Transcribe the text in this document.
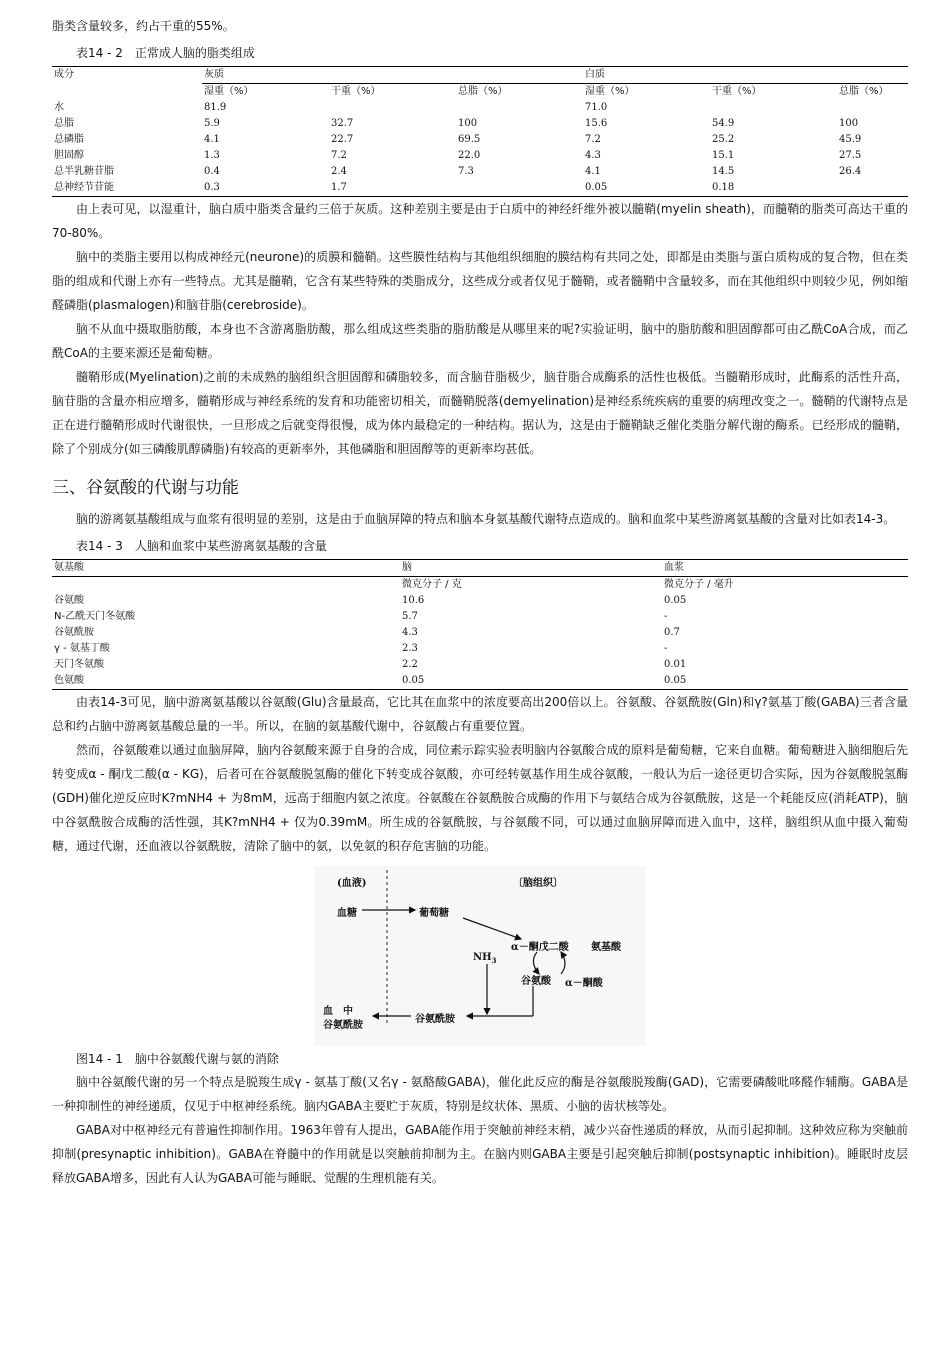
脂类含量较多，约占干重的55%。

表14 - 2　正常成人脑的脂类组成
成分	灰质			白质		
	湿重（%）	干重（%）	总脂（%）	湿重（%）	干重（%）	总脂（%）
水	81.9			71.0		
总脂	5.9	32.7	100	15.6	54.9	100
总磷脂	4.1	22.7	69.5	7.2	25.2	45.9
胆固醇	1.3	7.2	22.0	4.3	15.1	27.5
总半乳糖苷脂	0.4	2.4	7.3	4.1	14.5	26.4
总神经节苷能	0.3	1.7		0.05	0.18	

由上表可见，以湿重计，脑白质中脂类含量约三倍于灰质。这种差别主要是由于白质中的神经纤维外被以髓鞘(myelin sheath)，而髓鞘的脂类可高达干重的70-80%。

脑中的类脂主要用以构成神经元(neurone)的质膜和髓鞘。这些膜性结构与其他组织细胞的膜结构有共同之处，即都是由类脂与蛋白质构成的复合物，但在类脂的组成和代谢上亦有一些特点。尤其是髓鞘，它含有某些特殊的类脂成分，这些成分或者仅见于髓鞘，或者髓鞘中含量较多，而在其他组织中则较少见，例如缩醛磷脂(plasmalogen)和脑苷脂(cerebroside)。

脑不从血中摄取脂肪酸，本身也不含游离脂肪酸，那么组成这些类脂的脂肪酸是从哪里来的呢?实验证明，脑中的脂肪酸和胆固醇都可由乙酰CoA合成，而乙酰CoA的主要来源还是葡萄糖。

髓鞘形成(Myelination)之前的未成熟的脑组织含胆固醇和磷脂较多，而含脑苷脂极少，脑苷脂合成酶系的活性也极低。当髓鞘形成时，此酶系的活性升高，脑苷脂的含量亦相应增多，髓鞘形成与神经系统的发育和功能密切相关，而髓鞘脱落(demyelination)是神经系统疾病的重要的病理改变之一。髓鞘的代谢特点是正在进行髓鞘形成时代谢很快，一旦形成之后就变得很慢，成为体内最稳定的一种结构。据认为，这是由于髓鞘缺乏催化类脂分解代谢的酶系。已经形成的髓鞘，除了个别成分(如三磷酸肌醇磷脂)有较高的更新率外，其他磷脂和胆固醇等的更新率均甚低。

三、谷氨酸的代谢与功能

脑的游离氨基酸组成与血浆有很明显的差别，这是由于血脑屏障的特点和脑本身氨基酸代谢特点造成的。脑和血浆中某些游离氨基酸的含量对比如表14-3。

表14 - 3　人脑和血浆中某些游离氨基酸的含量
氨基酸	脑	血浆
	微克分子 / 克	微克分子 / 毫升
谷氨酸	10.6	0.05
N-乙酰天门冬氨酸	5.7	-
谷氨酰胺	4.3	0.7
γ - 氨基丁酸	2.3	-
天门冬氨酸	2.2	0.01
色氨酸	0.05	0.05

由表14-3可见，脑中游离氨基酸以谷氨酸(Glu)含量最高，它比其在血浆中的浓度要高出200倍以上。谷氨酸、谷氨酰胺(Gln)和γ?氨基丁酸(GABA)三者含量总和约占脑中游离氨基酸总量的一半。所以，在脑的氨基酸代谢中，谷氨酸占有重要位置。

然而，谷氨酸难以通过血脑屏障，脑内谷氨酸来源于自身的合成，同位素示踪实验表明脑内谷氨酸合成的原料是葡萄糖，它来自血糖。葡萄糖进入脑细胞后先转变成α - 酮戊二酸(α - KG)，后者可在谷氨酸脱氢酶的催化下转变成谷氨酸，亦可经转氨基作用生成谷氨酸，一般认为后一途径更切合实际，因为谷氨酸脱氢酶(GDH)催化逆反应时K?mNH4 + 为8mM，远高于细胞内氨之浓度。谷氨酸在谷氨酰胺合成酶的作用下与氨结合成为谷氨酰胺，这是一个耗能反应(消耗ATP)，脑中谷氨酰胺合成酶的活性强，其K?mNH4 + 仅为0.39mM。所生成的谷氨酰胺，与谷氨酸不同，可以通过血脑屏障而进入血中，这样，脑组织从血中摄入葡萄糖，通过代谢，还血液以谷氨酰胺，清除了脑中的氨，以免氨的积存危害脑的功能。

(血液)	〔脑组织〕
血糖	葡萄糖
α－酮戊二酸 氨基酸
$NH_3$
谷氨酸 α－酮酸
血　中
谷氨酰胺
谷氨酰胺
图14 - 1　脑中谷氨酸代谢与氨的消除

脑中谷氨酸代谢的另一个特点是脱羧生成γ - 氨基丁酸(又名γ - 氨酪酸GABA)，催化此反应的酶是谷氨酸脱羧酶(GAD)，它需要磷酸吡哆醛作辅酶。GABA是一种抑制性的神经递质，仅见于中枢神经系统。脑内GABA主要贮于灰质，特别是纹状体、黑质、小脑的齿状核等处。

GABA对中枢神经元有普遍性抑制作用。1963年曾有人提出，GABA能作用于突触前神经末梢，减少兴奋性递质的释放，从而引起抑制。这种效应称为突触前抑制(presynaptic inhibition)。GABA在脊髓中的作用就是以突触前抑制为主。在脑内则GABA主要是引起突触后抑制(postsynaptic inhibition)。睡眠时皮层释放GABA增多，因此有人认为GABA可能与睡眠、觉醒的生理机能有关。
